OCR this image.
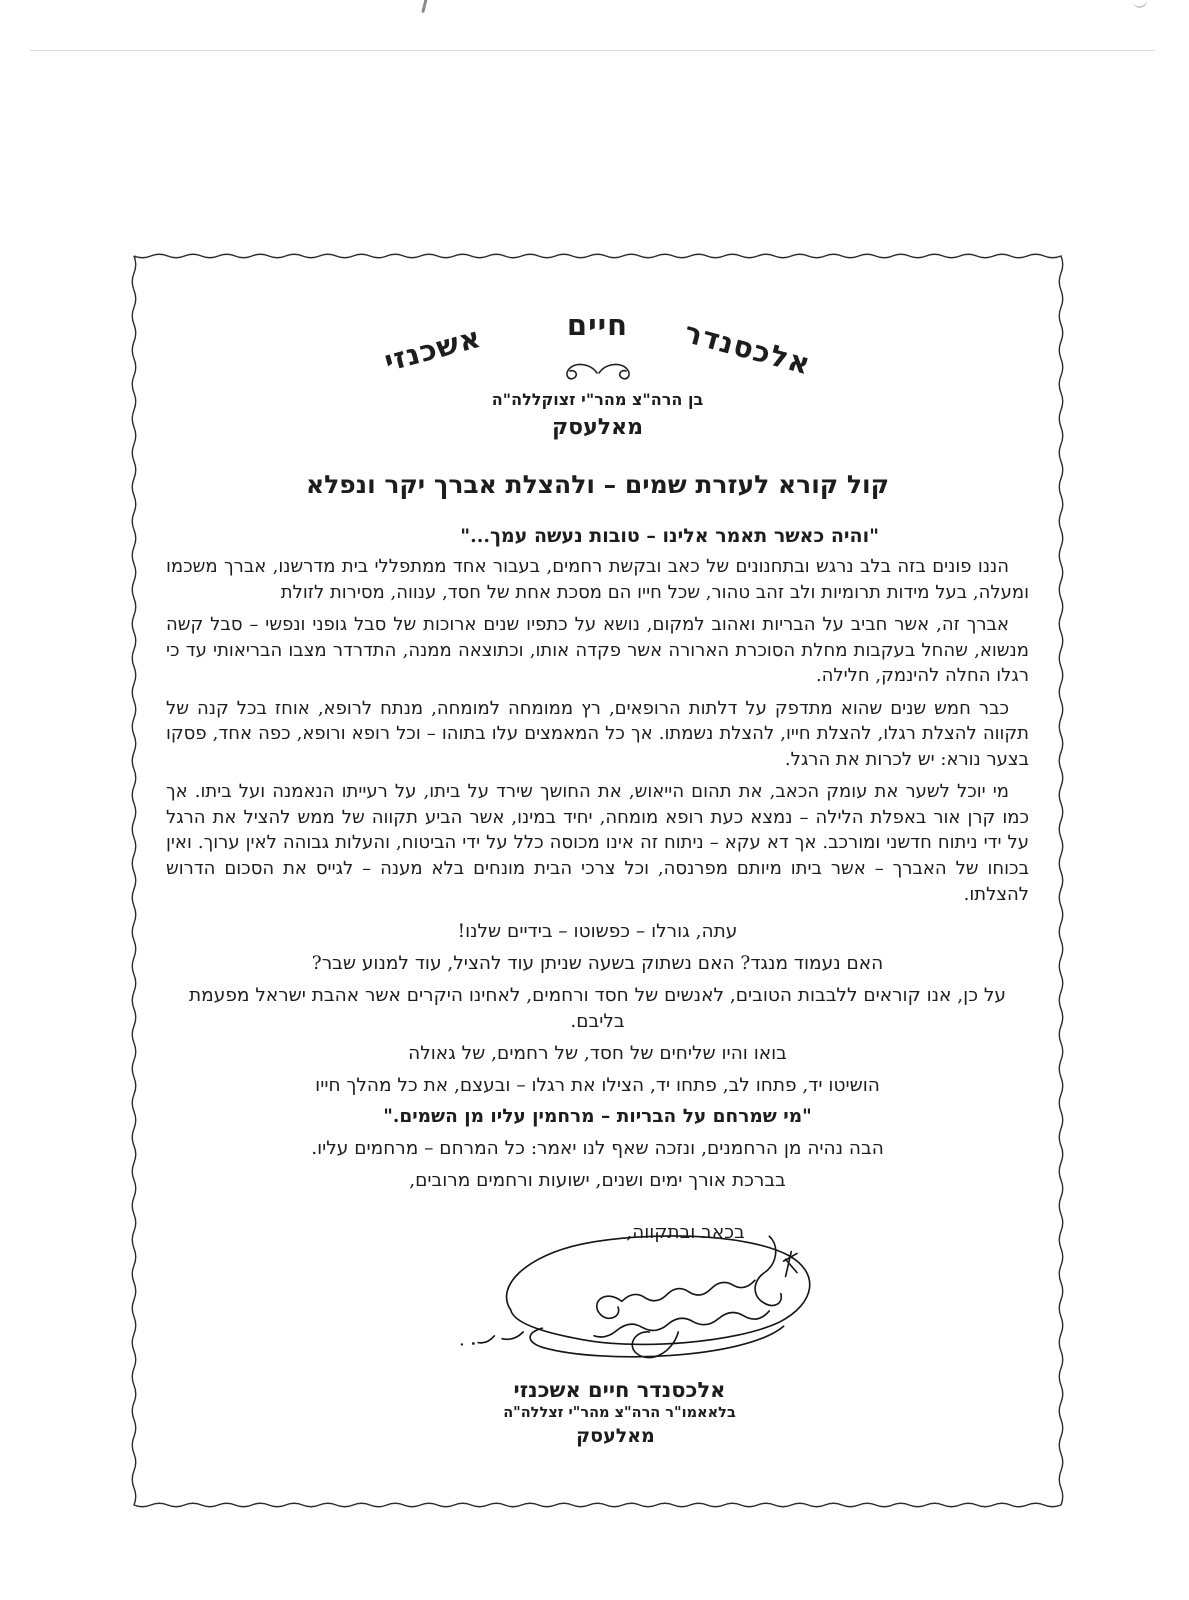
אלכסנדר
חיים
אשכנזי
בן הרה"צ מהר"י זצוקללה"ה
מאלעסק
קול קורא לעזרת שמים – ולהצלת אברך יקר ונפלא
"והיה כאשר תאמר אלינו – טובות נעשה עמך..."

הננו פונים בזה בלב נרגש ובתחנונים של כאב ובקשת רחמים, בעבור אחד ממתפללי בית מדרשנו, אברך משכמו ומעלה, בעל מידות תרומיות ולב זהב טהור, שכל חייו הם מסכת אחת של חסד, ענווה, מסירות לזולת

אברך זה, אשר חביב על הבריות ואהוב למקום, נושא על כתפיו שנים ארוכות של סבל גופני ונפשי – סבל קשה מנשוא, שהחל בעקבות מחלת הסוכרת הארורה אשר פקדה אותו, וכתוצאה ממנה, התדרדר מצבו הבריאותי עד כי רגלו החלה להינמק, חלילה.

כבר חמש שנים שהוא מתדפק על דלתות הרופאים, רץ ממומחה למומחה, מנתח לרופא, אוחז בכל קנה של תקווה להצלת רגלו, להצלת חייו, להצלת נשמתו. אך כל המאמצים עלו בתוהו – וכל רופא ורופא, כפה אחד, פסקו בצער נורא: יש לכרות את הרגל.

מי יוכל לשער את עומק הכאב, את תהום הייאוש, את החושך שירד על ביתו, על רעייתו הנאמנה ועל ביתו. אך כמו קרן אור באפלת הלילה – נמצא כעת רופא מומחה, יחיד במינו, אשר הביע תקווה של ממש להציל את הרגל על ידי ניתוח חדשני ומורכב. אך דא עקא – ניתוח זה אינו מכוסה כלל על ידי הביטוח, והעלות גבוהה לאין ערוך. ואין בכוחו של האברך – אשר ביתו מיותם מפרנסה, וכל צרכי הבית מונחים בלא מענה – לגייס את הסכום הדרוש להצלתו.

עתה, גורלו – כפשוטו – בידיים שלנו!
האם נעמוד מנגד? האם נשתוק בשעה שניתן עוד להציל, עוד למנוע שבר?
על כן, אנו קוראים ללבבות הטובים, לאנשים של חסד ורחמים, לאחינו היקרים אשר אהבת ישראל מפעמת בליבם.
בואו והיו שליחים של חסד, של רחמים, של גאולה
הושיטו יד, פתחו לב, פתחו יד, הצילו את רגלו – ובעצם, את כל מהלך חייו
"מי שמרחם על הבריות – מרחמין עליו מן השמים."
הבה נהיה מן הרחמנים, ונזכה שאף לנו יאמר: כל המרחם – מרחמים עליו.
בברכת אורך ימים ושנים, ישועות ורחמים מרובים,
בכאב ובתקווה,
אלכסנדר חיים אשכנזי
בלאאמו"ר הרה"צ מהר"י זצללה"ה
מאלעסק
